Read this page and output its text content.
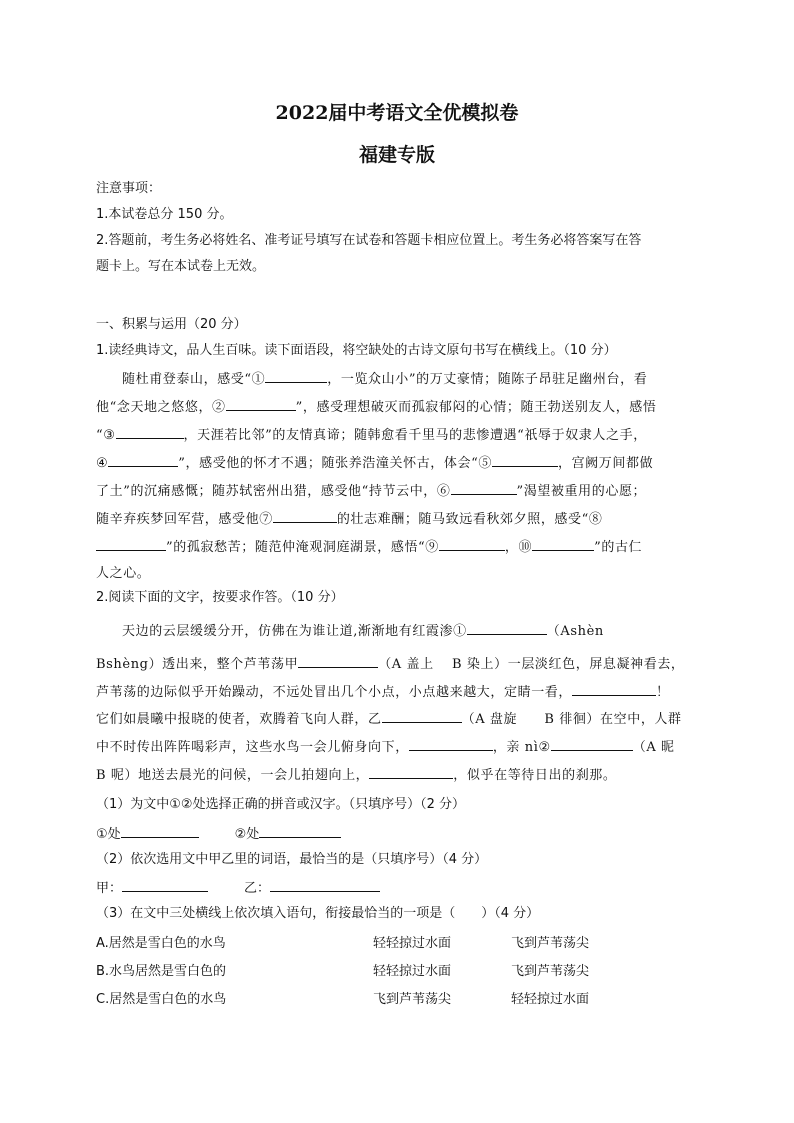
2022届中考语文全优模拟卷
福建专版
注意事项：
1.本试卷总分 150 分。
2.答题前，考生务必将姓名、准考证号填写在试卷和答题卡相应位置上。考生务必将答案写在答
题卡上。写在本试卷上无效。
一、积累与运用（20 分）
1.读经典诗文，品人生百味。读下面语段，将空缺处的古诗文原句书写在横线上。（10 分）
随杜甫登泰山，感受“①	，一览众山小”的万丈豪情；随陈子昂驻足幽州台，看
他“念天地之悠悠，②	”，感受理想破灭而孤寂郁闷的心情；随王勃送别友人，感悟
“③	，天涯若比邻”的友情真谛；随韩愈看千里马的悲惨遭遇“祇辱于奴隶人之手，
④	”，感受他的怀才不遇；随张养浩潼关怀古，体会“⑤	，宫阙万间都做
了土”的沉痛感慨；随苏轼密州出猎，感受他“持节云中，⑥	”渴望被重用的心愿；
随辛弃疾梦回军营，感受他⑦	的壮志难酬；随马致远看秋郊夕照，感受“⑧
”的孤寂愁苦；随范仲淹观洞庭湖景，感悟“⑨	，⑩	”的古仁
人之心。
2.阅读下面的文字，按要求作答。（10 分）
天边的云层缓缓分开，仿佛在为谁让道,渐渐地有红霞渗①	（Ashèn
Bshèng）透出来，整个芦苇荡甲	（A 盖上　 B 染上）一层淡红色，屏息凝神看去，
芦苇荡的边际似乎开始躁动，不远处冒出几个小点，小点越来越大，定睛一看，	！
它们如晨曦中报晓的使者，欢腾着飞向人群，乙	（A 盘旋　　B 徘徊）在空中，人群
中不时传出阵阵喝彩声，这些水鸟一会儿俯身向下，	，亲 nì②	（A 昵
B 呢）地送去晨光的问候，一会儿拍翅向上，	，似乎在等待日出的刹那。
（1）为文中①②处选择正确的拼音或汉字。（只填序号）（2 分）
①处	②处
（2）依次选用文中甲乙里的词语，最恰当的是（只填序号）（4 分）
甲：	乙：
（3）在文中三处横线上依次填入语句，衔接最恰当的一项是（　　）（4 分）
A.居然是雪白色的水鸟	轻轻掠过水面	飞到芦苇荡尖
B.水鸟居然是雪白色的	轻轻掠过水面	飞到芦苇荡尖
C.居然是雪白色的水鸟	飞到芦苇荡尖	轻轻掠过水面
